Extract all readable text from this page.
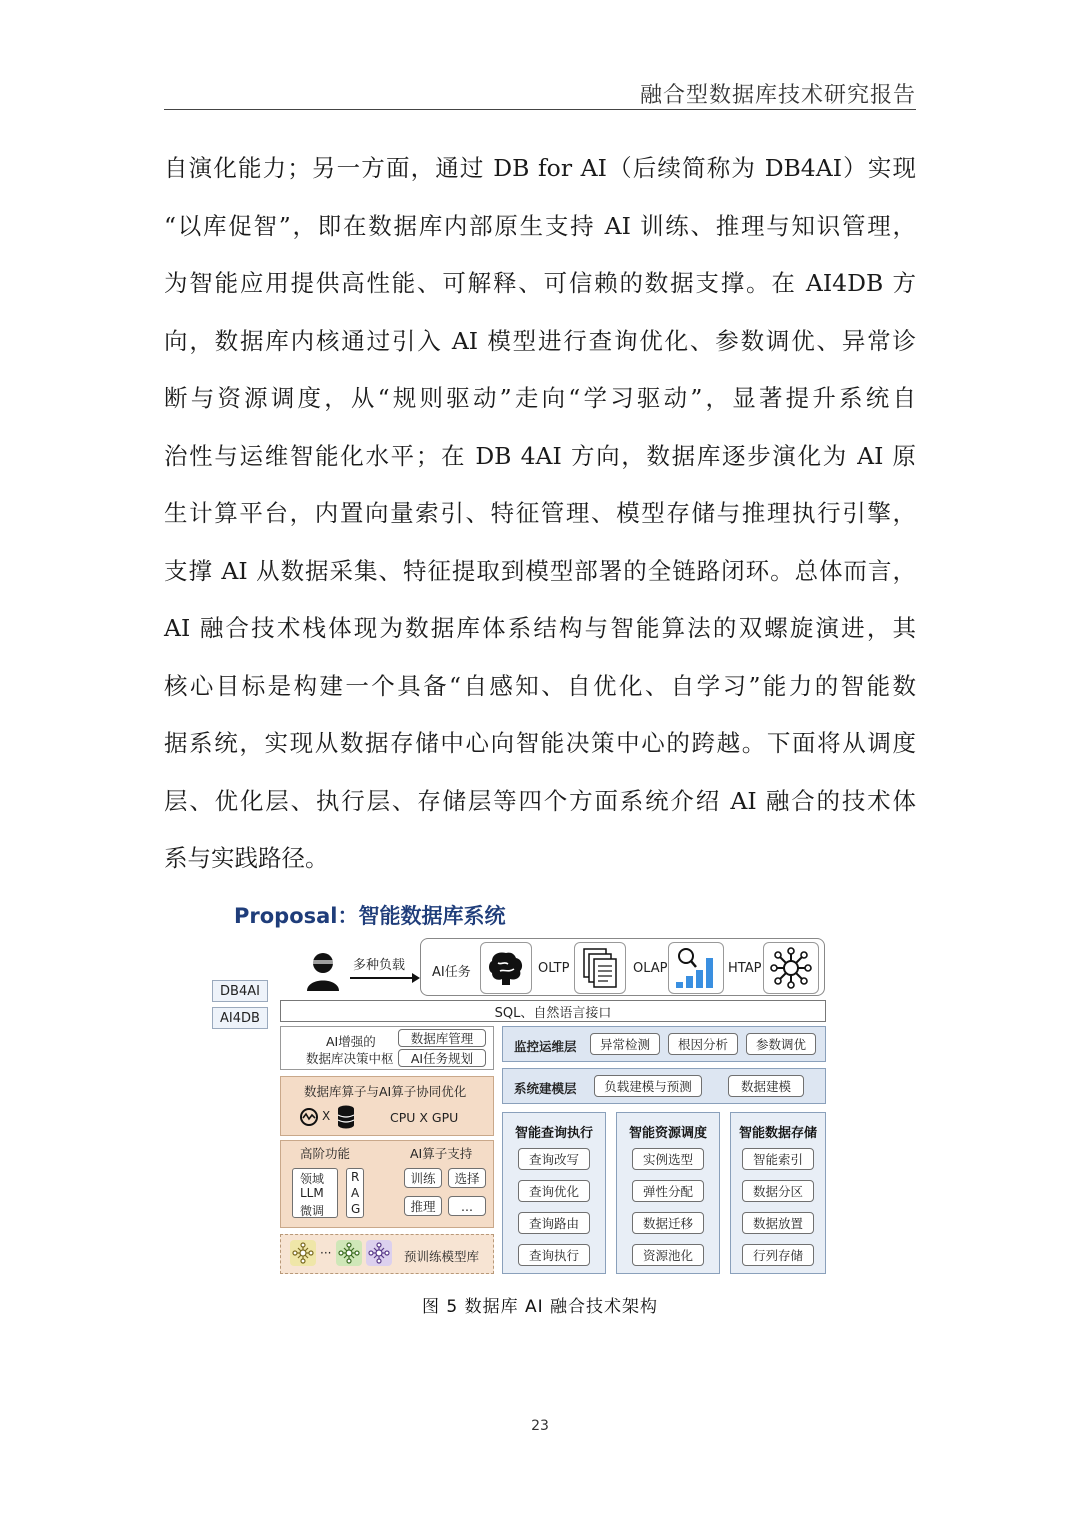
融合型数据库技术研究报告
自演化能力；另一方面，通过 DB for AI（后续简称为 DB4AI）实现
“以库促智”，即在数据库内部原生支持 AI 训练、推理与知识管理，
为智能应用提供高性能、可解释、可信赖的数据支撑。在 AI4DB 方
向，数据库内核通过引入 AI 模型进行查询优化、参数调优、异常诊
断与资源调度，从“规则驱动”走向“学习驱动”，显著提升系统自
治性与运维智能化水平；在 DB 4AI 方向，数据库逐步演化为 AI 原
生计算平台，内置向量索引、特征管理、模型存储与推理执行引擎，
支撑 AI 从数据采集、特征提取到模型部署的全链路闭环。总体而言，
AI 融合技术栈体现为数据库体系结构与智能算法的双螺旋演进，其
核心目标是构建一个具备“自感知、自优化、自学习”能力的智能数
据系统，实现从数据存储中心向智能决策中心的跨越。下面将从调度
层、优化层、执行层、存储层等四个方面系统介绍 AI 融合的技术体
系与实践路径。
Proposal：智能数据库系统
多种负载 AI任务	OLTP	OLAP	HTAP
DB4AI
AI4DB	SQL、自然语言接口
AI增强的
数据库决策中枢
数据库管理
AI任务规划
数据库算子与AI算子协同优化
X	CPU X GPU
高阶功能
领域
LLM
微调
R
A
G
AI算子支持
训练	选择
推理	...
···	预训练模型库
监控运维层	异常检测	根因分析	参数调优
系统建模层	负载建模与预测	数据建模
智能查询执行
查询改写
查询优化
查询路由
查询执行
智能资源调度
实例选型
弹性分配
数据迁移
资源池化
智能数据存储
智能索引
数据分区
数据放置
行列存储
图 5 数据库 AI 融合技术架构
23
